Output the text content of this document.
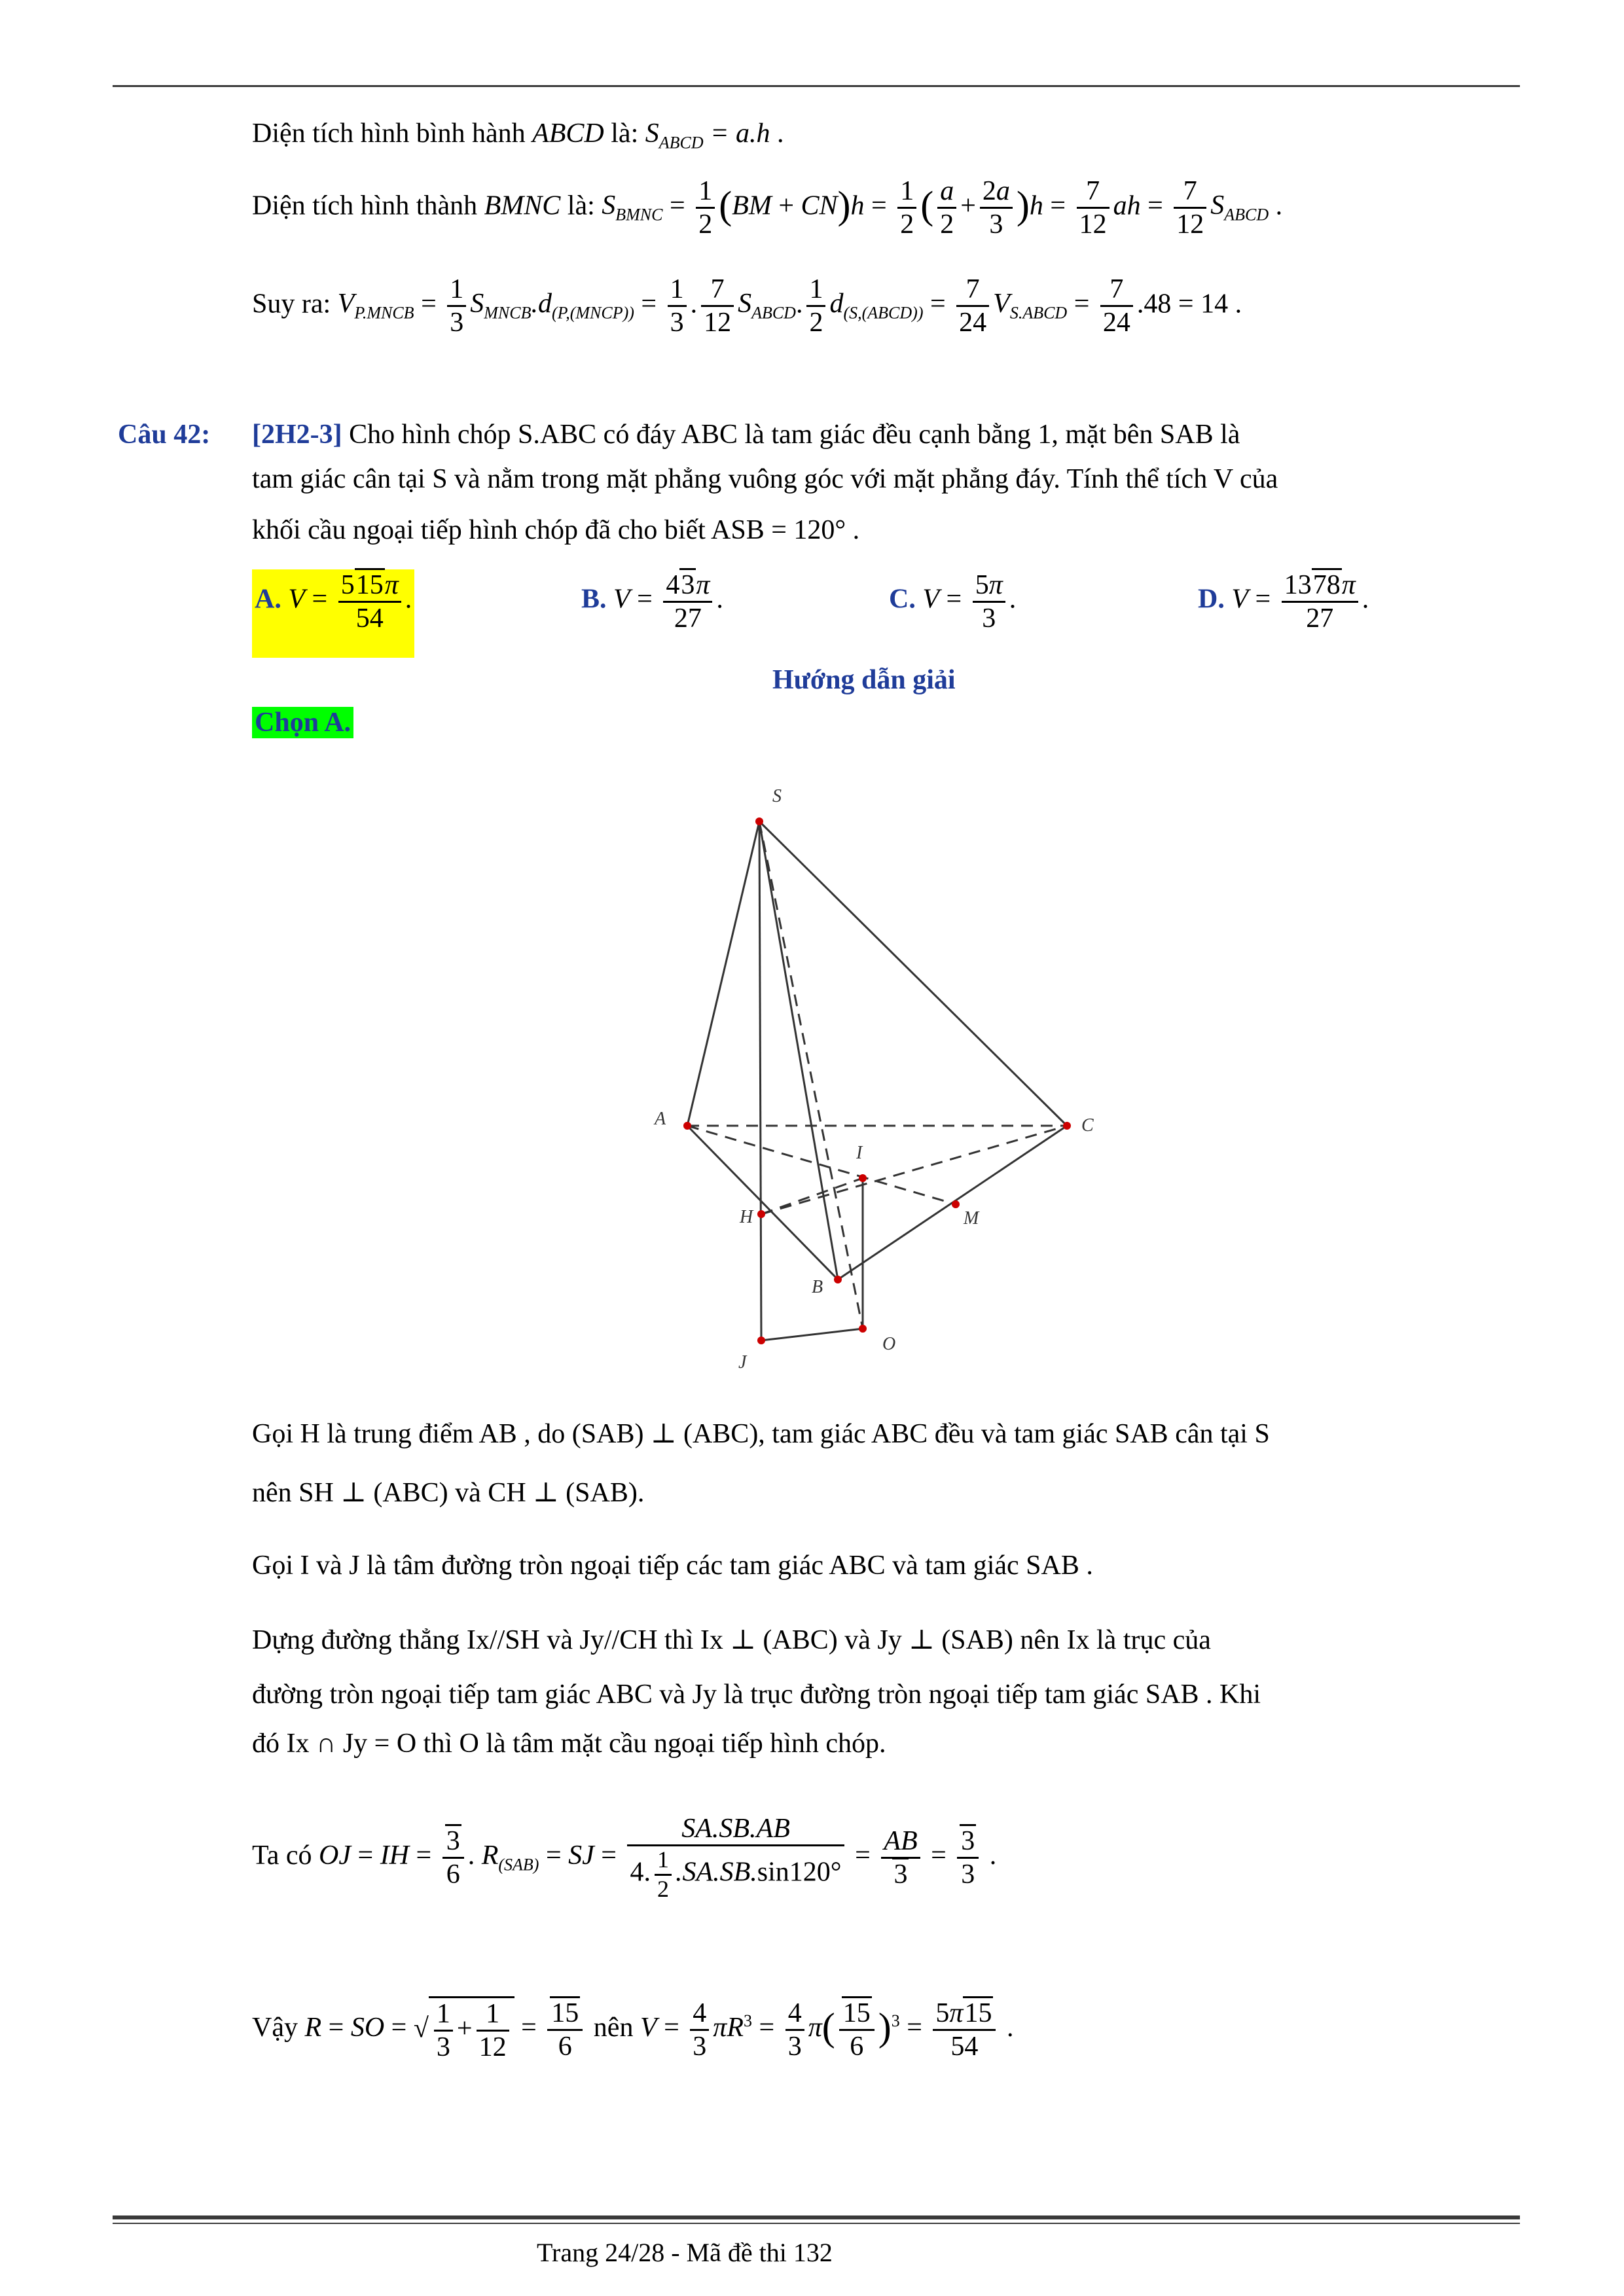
Diện tích hình bình hành ABCD là: $S_{ABCD} = a.h$ .
Diện tích hình thành BMNC là: $S_{BMNC} = \frac{1}{2} (BM + CN)h = \frac{1}{2}$ ( $\frac{a}{2} + \frac{2a}{3} )h = \frac{7}{12}$ ah = $\frac{7}{12} S_{ABCD}$ .
Suy ra: $V_{P.MNCB} = \frac{1}{3} S_{MNCB}.d_{(P,(MNCP))} = \frac{1}{3}$ . $\frac{7}{12} S_{ABCD}$. $\frac{1}{2} d_{(S,(ABCD))} = \frac{7}{24} V_{S.ABCD} = \frac{7}{24} .48 = 14$ .
Câu 42: [2H2-3] Cho hình chóp S.ABC có đáy ABC là tam giác đều cạnh bằng 1, mặt bên SAB là
tam giác cân tại S và nằm trong mặt phẳng vuông góc với mặt phẳng đáy. Tính thể tích V của
khối cầu ngoại tiếp hình chóp đã cho biết ASB = 120° .
A. $V = \frac{515\pi}{54}$ .	B. $V = \frac{43\pi}{27}$ .	C. $V = \frac{5\pi}{3}$ .	D. $V = \frac{1378\pi}{27}$ .
Hướng dẫn giải
Chọn A.
S
A	C
I
H	M
B
J
O
Gọi H là trung điểm AB , do (SAB) ⊥ (ABC), tam giác ABC đều và tam giác SAB cân tại S
nên SH ⊥ (ABC) và CH ⊥ (SAB).
Gọi I và J là tâm đường tròn ngoại tiếp các tam giác ABC và tam giác SAB .
Dựng đường thẳng Ix//SH và Jy//CH thì Ix ⊥ (ABC) và Jy ⊥ (SAB) nên Ix là trục của
đường tròn ngoại tiếp tam giác ABC và Jy là trục đường tròn ngoại tiếp tam giác SAB . Khi
đó Ix ∩ Jy = O thì O là tâm mặt cầu ngoại tiếp hình chóp.
Ta có OJ = IH = $\frac{3}{6}$ . $R_{(SAB)}$ = SJ = $\frac{SA.SB.AB}{4. \frac{1}{2} .SA.SB.\sin 120^\circ} = \frac{AB}{3} = \frac{3}{3}$ .
Vậy R = SO = √ $\frac{1}{3} + \frac{1}{12} = \frac{15}{6}$ nên $V = \frac{4}{3} \pi R^3 = \frac{4}{3} \pi( \frac{15}{6} )^3 = \frac{5\pi 15}{54}$ .
Trang 24/28 - Mã đề thi 132
